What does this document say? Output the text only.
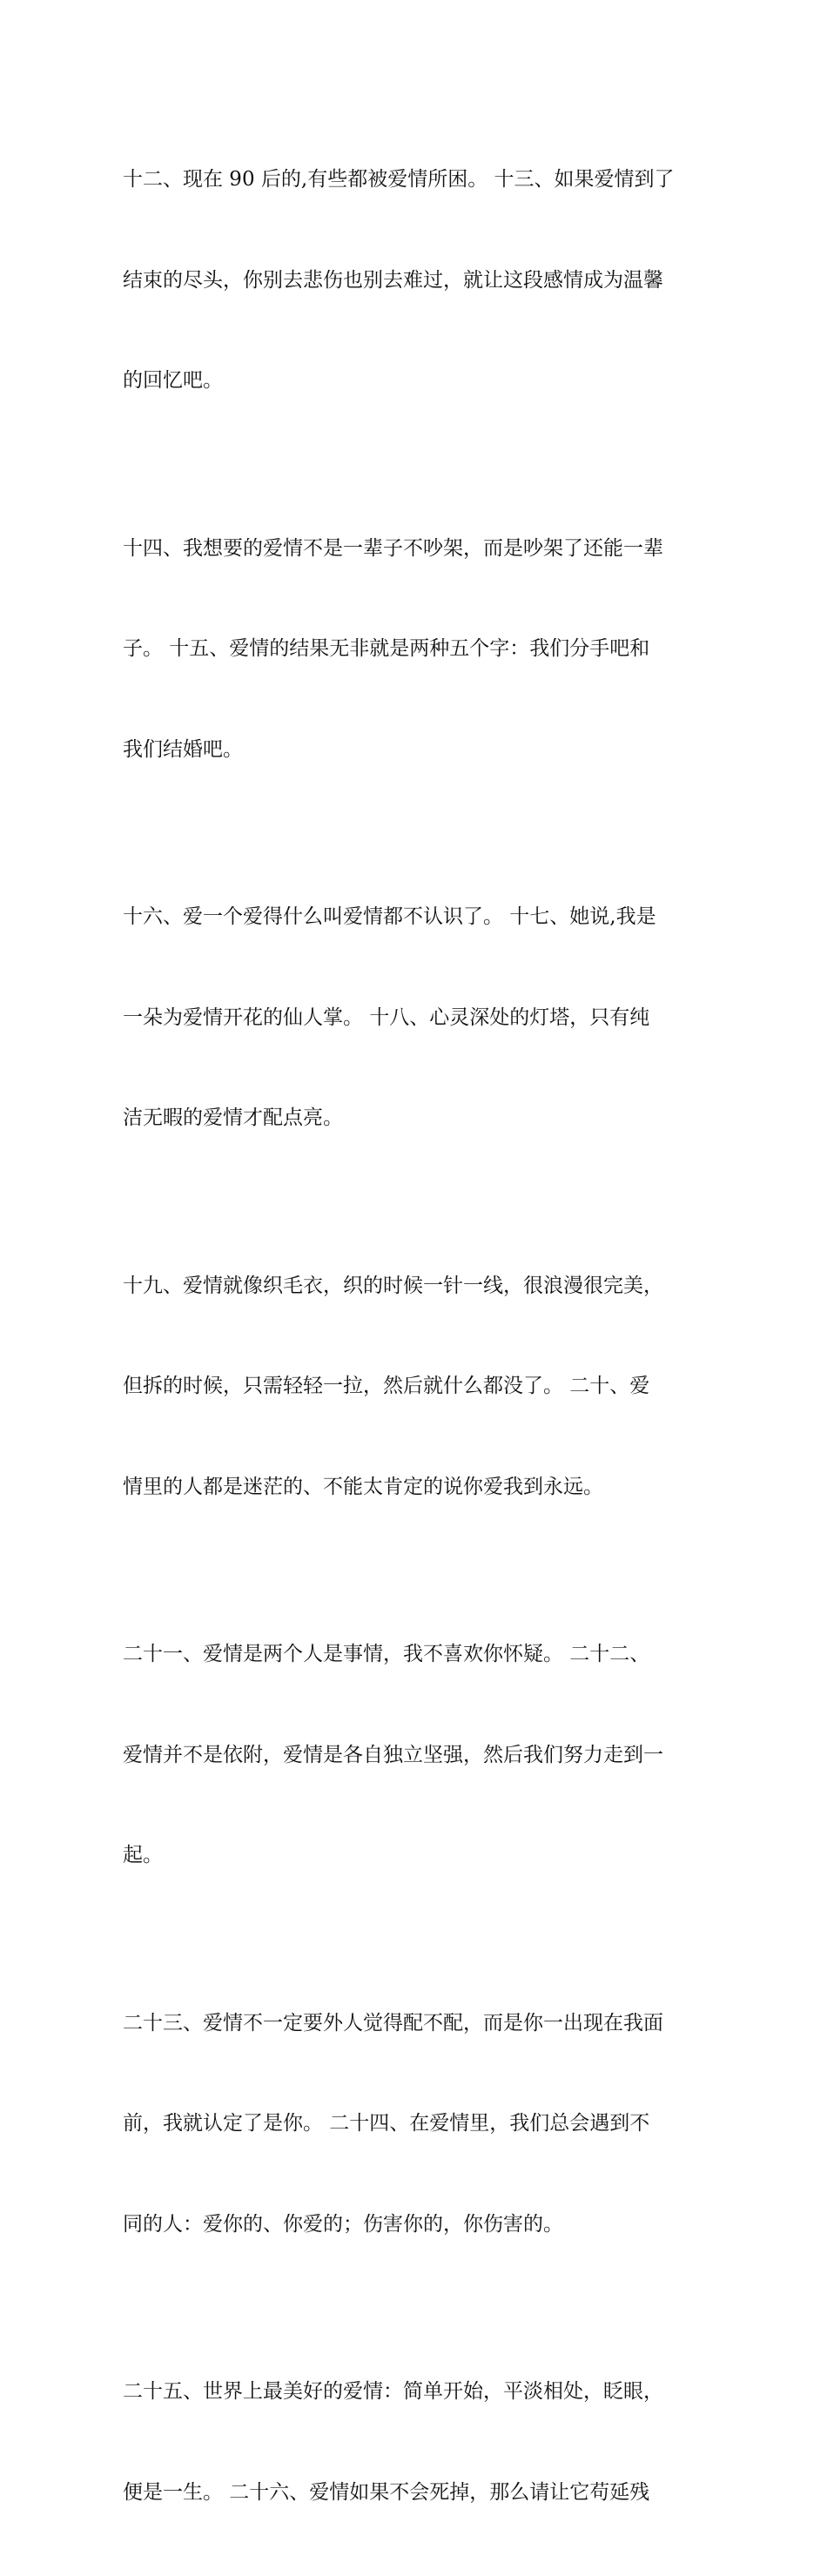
十二、现在 90 后的,有些都被爱情所困。 十三、如果爱情到了

结束的尽头，你别去悲伤也别去难过，就让这段感情成为温馨

的回忆吧。

十四、我想要的爱情不是一辈子不吵架，而是吵架了还能一辈

子。 十五、爱情的结果无非就是两种五个字：我们分手吧和

我们结婚吧。

十六、爱一个爱得什么叫爱情都不认识了。 十七、她说,我是

一朵为爱情开花的仙人掌。 十八、心灵深处的灯塔，只有纯

洁无暇的爱情才配点亮。

十九、爱情就像织毛衣，织的时候一针一线，很浪漫很完美，

但拆的时候，只需轻轻一拉，然后就什么都没了。 二十、爱

情里的人都是迷茫的、不能太肯定的说你爱我到永远。

二十一、爱情是两个人是事情，我不喜欢你怀疑。 二十二、

爱情并不是依附，爱情是各自独立坚强，然后我们努力走到一

起。

二十三、爱情不一定要外人觉得配不配，而是你一出现在我面

前，我就认定了是你。 二十四、在爱情里，我们总会遇到不

同的人：爱你的、你爱的；伤害你的，你伤害的。

二十五、世界上最美好的爱情：简单开始，平淡相处，眨眼，

便是一生。 二十六、爱情如果不会死掉，那么请让它苟延残
